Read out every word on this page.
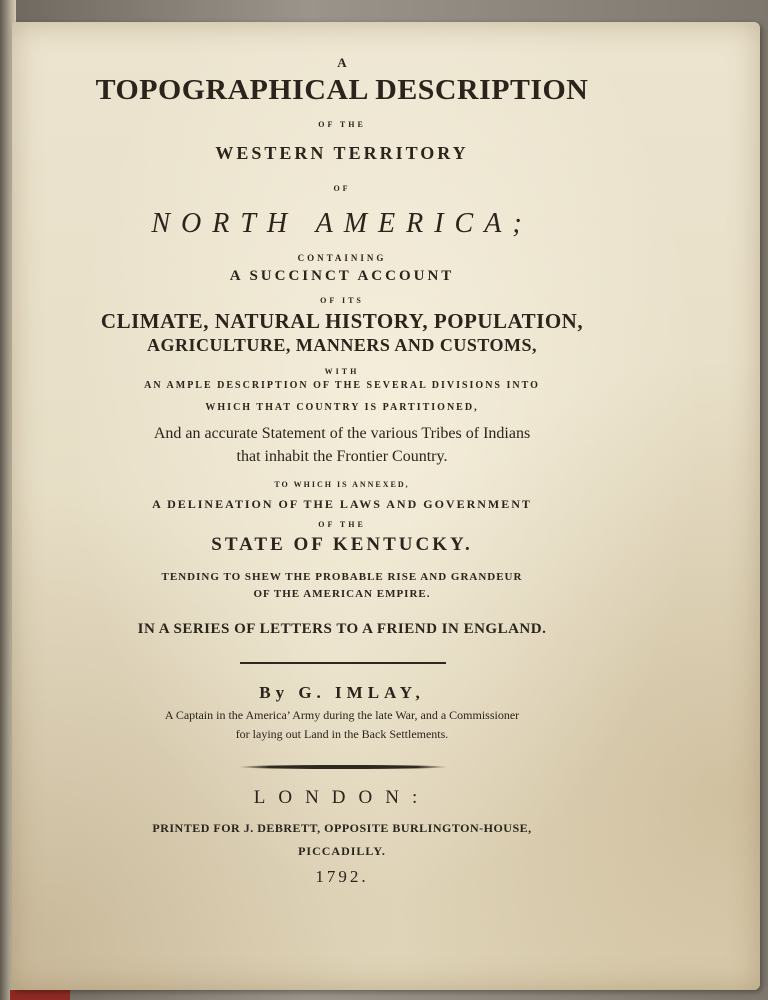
A
TOPOGRAPHICAL DESCRIPTION
OF THE
WESTERN TERRITORY
OF
NORTH AMERICA;
CONTAINING
A SUCCINCT ACCOUNT
OF ITS
CLIMATE, NATURAL HISTORY, POPULATION,
AGRICULTURE, MANNERS AND CUSTOMS,
WITH
AN AMPLE DESCRIPTION OF THE SEVERAL DIVISIONS INTO
WHICH THAT COUNTRY IS PARTITIONED,
And an accurate Statement of the various Tribes of Indians
that inhabit the Frontier Country.
TO WHICH IS ANNEXED,
A DELINEATION OF THE LAWS AND GOVERNMENT
OF THE
STATE OF KENTUCKY.
TENDING TO SHEW THE PROBABLE RISE AND GRANDEUR
OF THE AMERICAN EMPIRE.
IN A SERIES OF LETTERS TO A FRIEND IN ENGLAND.
By G. IMLAY,
A Captain in the America’ Army during the late War, and a Commissioner
for laying out Land in the Back Settlements.
LONDON:
PRINTED FOR J. DEBRETT, OPPOSITE BURLINGTON-HOUSE,
PICCADILLY.
1792.
